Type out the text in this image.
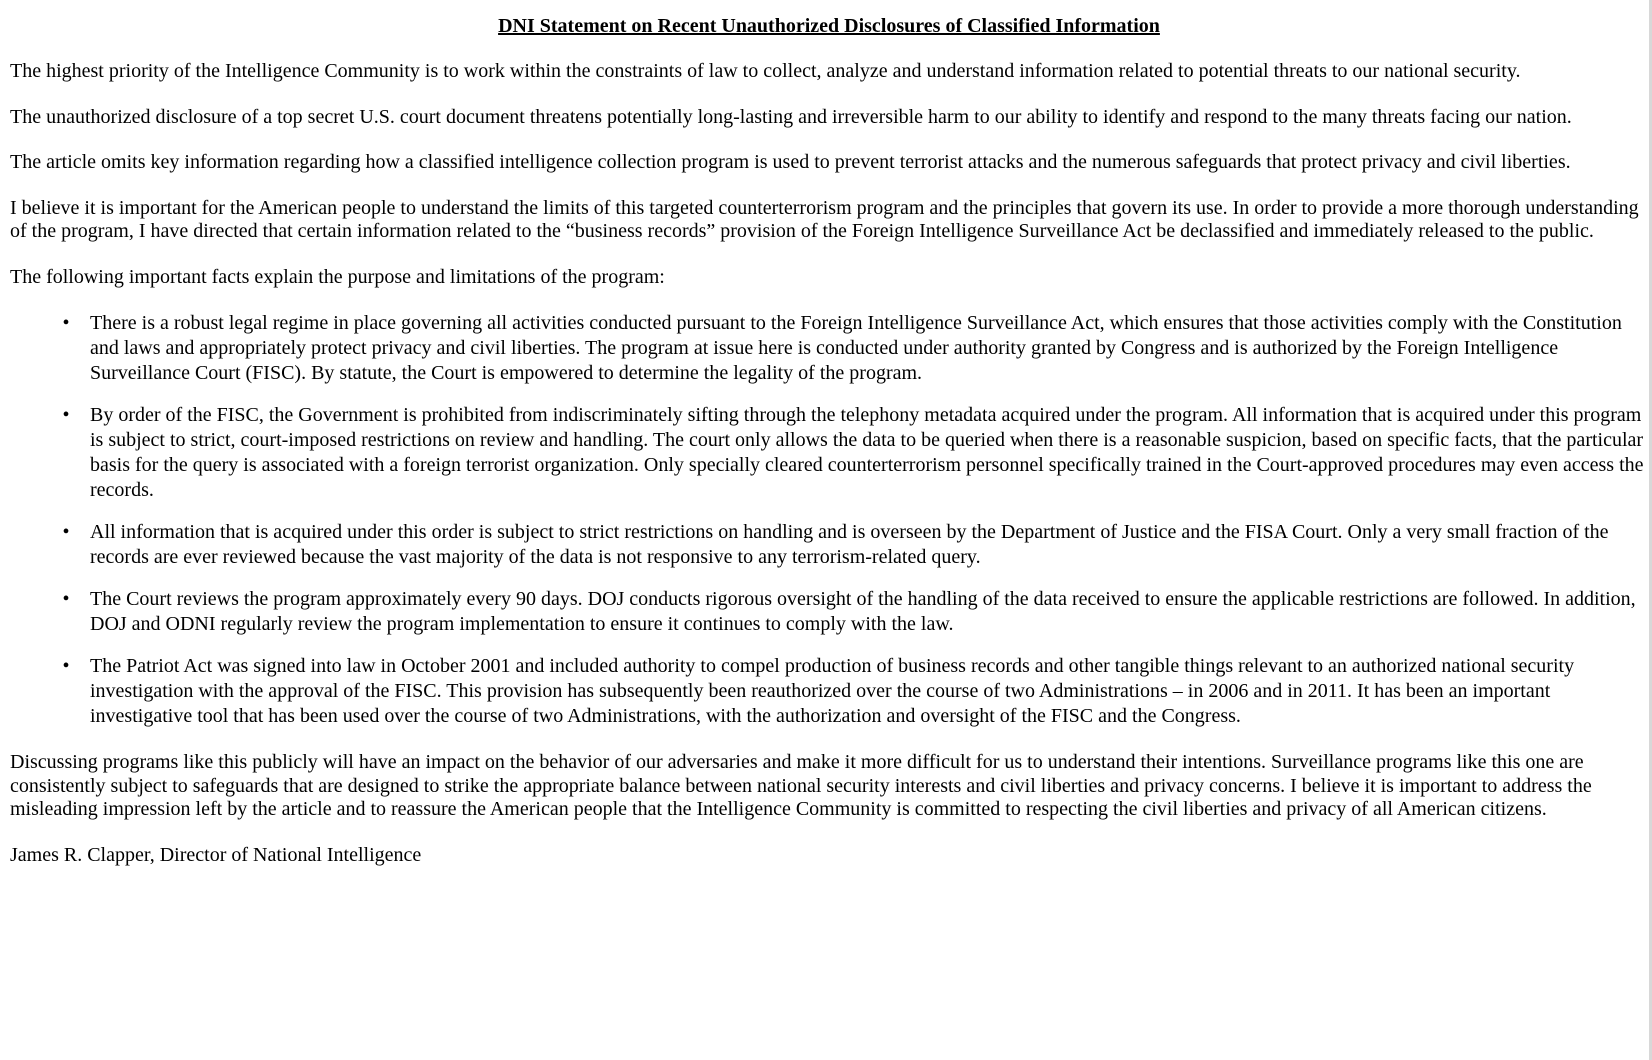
DNI Statement on Recent Unauthorized Disclosures of Classified Information

The highest priority of the Intelligence Community is to work within the constraints of law to collect, analyze and understand information related to potential threats to our national security.

The unauthorized disclosure of a top secret U.S. court document threatens potentially long-lasting and irreversible harm to our ability to identify and respond to the many threats facing our nation.

The article omits key information regarding how a classified intelligence collection program is used to prevent terrorist attacks and the numerous safeguards that protect privacy and civil liberties.

I believe it is important for the American people to understand the limits of this targeted counterterrorism program and the principles that govern its use. In order to provide a more thorough understanding of the program, I have directed that certain information related to the “business records” provision of the Foreign Intelligence Surveillance Act be declassified and immediately released to the public.

The following important facts explain the purpose and limitations of the program:

• There is a robust legal regime in place governing all activities conducted pursuant to the Foreign Intelligence Surveillance Act, which ensures that those activities comply with the Constitution and laws and appropriately protect privacy and civil liberties. The program at issue here is conducted under authority granted by Congress and is authorized by the Foreign Intelligence Surveillance Court (FISC). By statute, the Court is empowered to determine the legality of the program.
• By order of the FISC, the Government is prohibited from indiscriminately sifting through the telephony metadata acquired under the program. All information that is acquired under this program is subject to strict, court-imposed restrictions on review and handling. The court only allows the data to be queried when there is a reasonable suspicion, based on specific facts, that the particular basis for the query is associated with a foreign terrorist organization. Only specially cleared counterterrorism personnel specifically trained in the Court-approved procedures may even access the records.
• All information that is acquired under this order is subject to strict restrictions on handling and is overseen by the Department of Justice and the FISA Court. Only a very small fraction of the records are ever reviewed because the vast majority of the data is not responsive to any terrorism-related query.
• The Court reviews the program approximately every 90 days. DOJ conducts rigorous oversight of the handling of the data received to ensure the applicable restrictions are followed. In addition, DOJ and ODNI regularly review the program implementation to ensure it continues to comply with the law.
• The Patriot Act was signed into law in October 2001 and included authority to compel production of business records and other tangible things relevant to an authorized national security investigation with the approval of the FISC. This provision has subsequently been reauthorized over the course of two Administrations – in 2006 and in 2011. It has been an important investigative tool that has been used over the course of two Administrations, with the authorization and oversight of the FISC and the Congress.

Discussing programs like this publicly will have an impact on the behavior of our adversaries and make it more difficult for us to understand their intentions. Surveillance programs like this one are consistently subject to safeguards that are designed to strike the appropriate balance between national security interests and civil liberties and privacy concerns. I believe it is important to address the misleading impression left by the article and to reassure the American people that the Intelligence Community is committed to respecting the civil liberties and privacy of all American citizens.

James R. Clapper, Director of National Intelligence
